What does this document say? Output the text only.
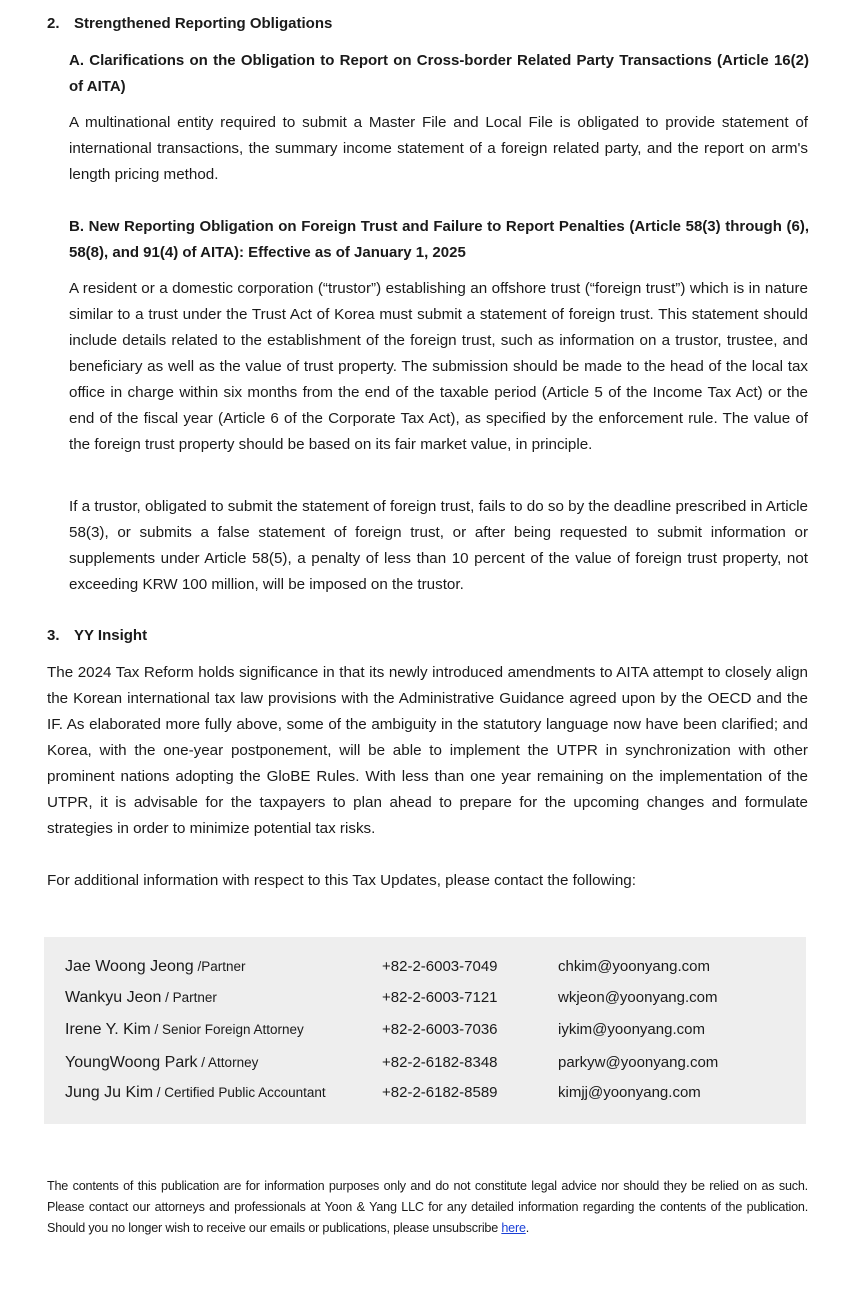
2. Strengthened Reporting Obligations
A. Clarifications on the Obligation to Report on Cross-border Related Party Transactions (Article 16(2) of AITA)
A multinational entity required to submit a Master File and Local File is obligated to provide statement of international transactions, the summary income statement of a foreign related party, and the report on arm's length pricing method.
B. New Reporting Obligation on Foreign Trust and Failure to Report Penalties (Article 58(3) through (6), 58(8), and 91(4) of AITA): Effective as of January 1, 2025
A resident or a domestic corporation (“trustor”) establishing an offshore trust (“foreign trust”) which is in nature similar to a trust under the Trust Act of Korea must submit a statement of foreign trust. This statement should include details related to the establishment of the foreign trust, such as information on a trustor, trustee, and beneficiary as well as the value of trust property. The submission should be made to the head of the local tax office in charge within six months from the end of the taxable period (Article 5 of the Income Tax Act) or the end of the fiscal year (Article 6 of the Corporate Tax Act), as specified by the enforcement rule. The value of the foreign trust property should be based on its fair market value, in principle.
If a trustor, obligated to submit the statement of foreign trust, fails to do so by the deadline prescribed in Article 58(3), or submits a false statement of foreign trust, or after being requested to submit information or supplements under Article 58(5), a penalty of less than 10 percent of the value of foreign trust property, not exceeding KRW 100 million, will be imposed on the trustor.
3. YY Insight
The 2024 Tax Reform holds significance in that its newly introduced amendments to AITA attempt to closely align the Korean international tax law provisions with the Administrative Guidance agreed upon by the OECD and the IF. As elaborated more fully above, some of the ambiguity in the statutory language now have been clarified; and Korea, with the one-year postponement, will be able to implement the UTPR in synchronization with other prominent nations adopting the GloBE Rules. With less than one year remaining on the implementation of the UTPR, it is advisable for the taxpayers to plan ahead to prepare for the upcoming changes and formulate strategies in order to minimize potential tax risks.
For additional information with respect to this Tax Updates, please contact the following:
Jae Woong Jeong /Partner	+82-2-6003-7049	chkim@yoonyang.com
Wankyu Jeon / Partner	+82-2-6003-7121	wkjeon@yoonyang.com
Irene Y. Kim / Senior Foreign Attorney	+82-2-6003-7036	iykim@yoonyang.com
YoungWoong Park / Attorney	+82-2-6182-8348	parkyw@yoonyang.com
Jung Ju Kim / Certified Public Accountant	+82-2-6182-8589	kimjj@yoonyang.com
The contents of this publication are for information purposes only and do not constitute legal advice nor should they be relied on as such. Please contact our attorneys and professionals at Yoon & Yang LLC for any detailed information regarding the contents of the publication. Should you no longer wish to receive our emails or publications, please unsubscribe here.
